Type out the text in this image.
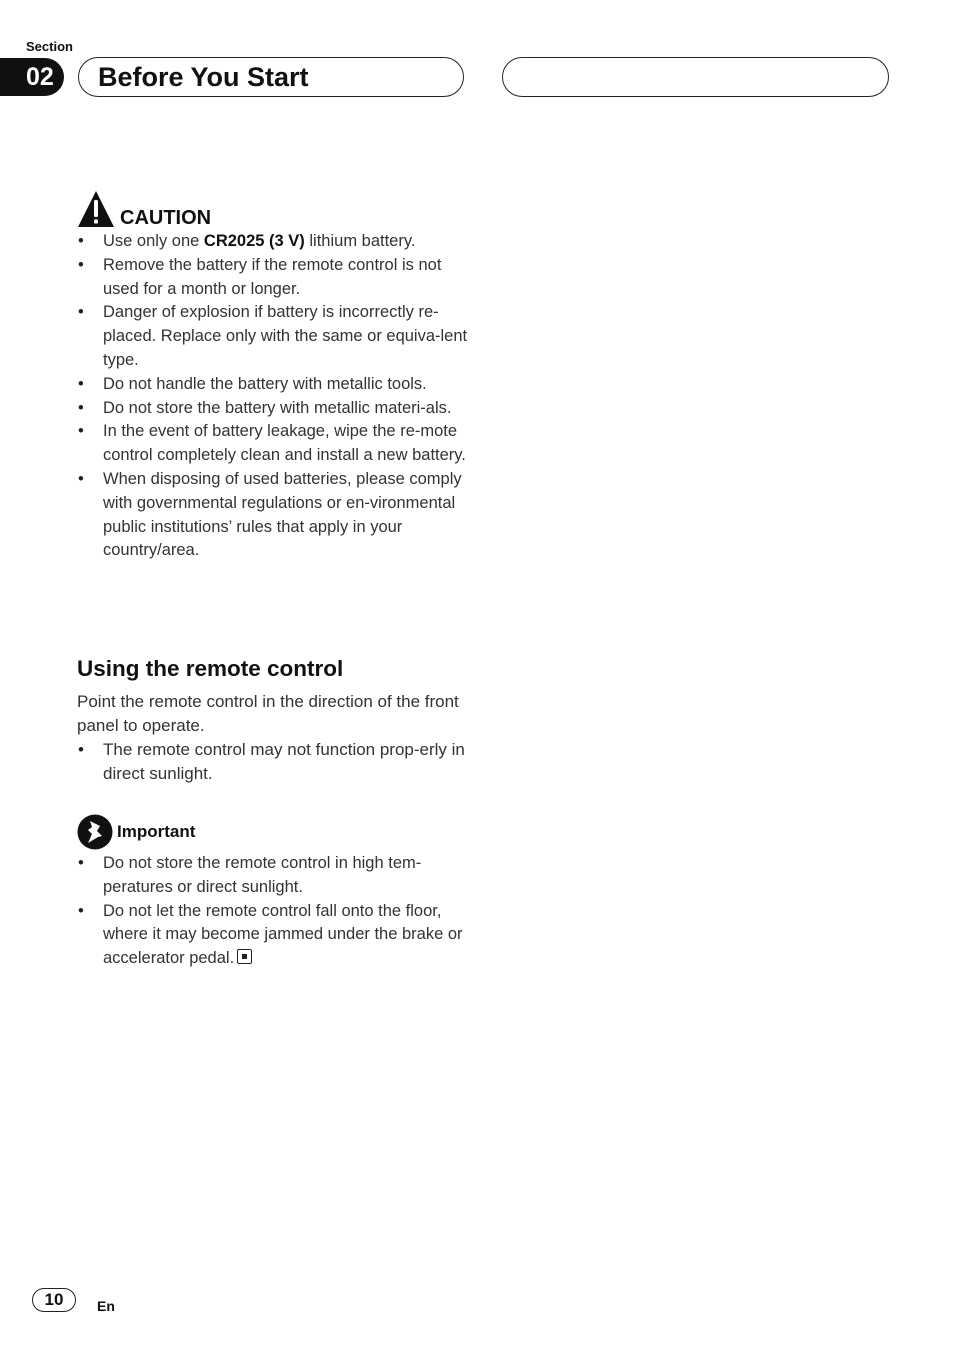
Section
02	Before You Start
CAUTION
• Use only one CR2025 (3 V) lithium battery.
• Remove the battery if the remote control is not used for a month or longer.
• Danger of explosion if battery is incorrectly re-placed. Replace only with the same or equiva-lent type.
• Do not handle the battery with metallic tools.
• Do not store the battery with metallic materi-als.
• In the event of battery leakage, wipe the re-mote control completely clean and install a new battery.
• When disposing of used batteries, please comply with governmental regulations or en-vironmental public institutions’ rules that apply in your country/area.
Using the remote control
Point the remote control in the direction of the front panel to operate.
• The remote control may not function prop-erly in direct sunlight.
Important
• Do not store the remote control in high tem-peratures or direct sunlight.
• Do not let the remote control fall onto the floor, where it may become jammed under the brake or accelerator pedal.
10	En
